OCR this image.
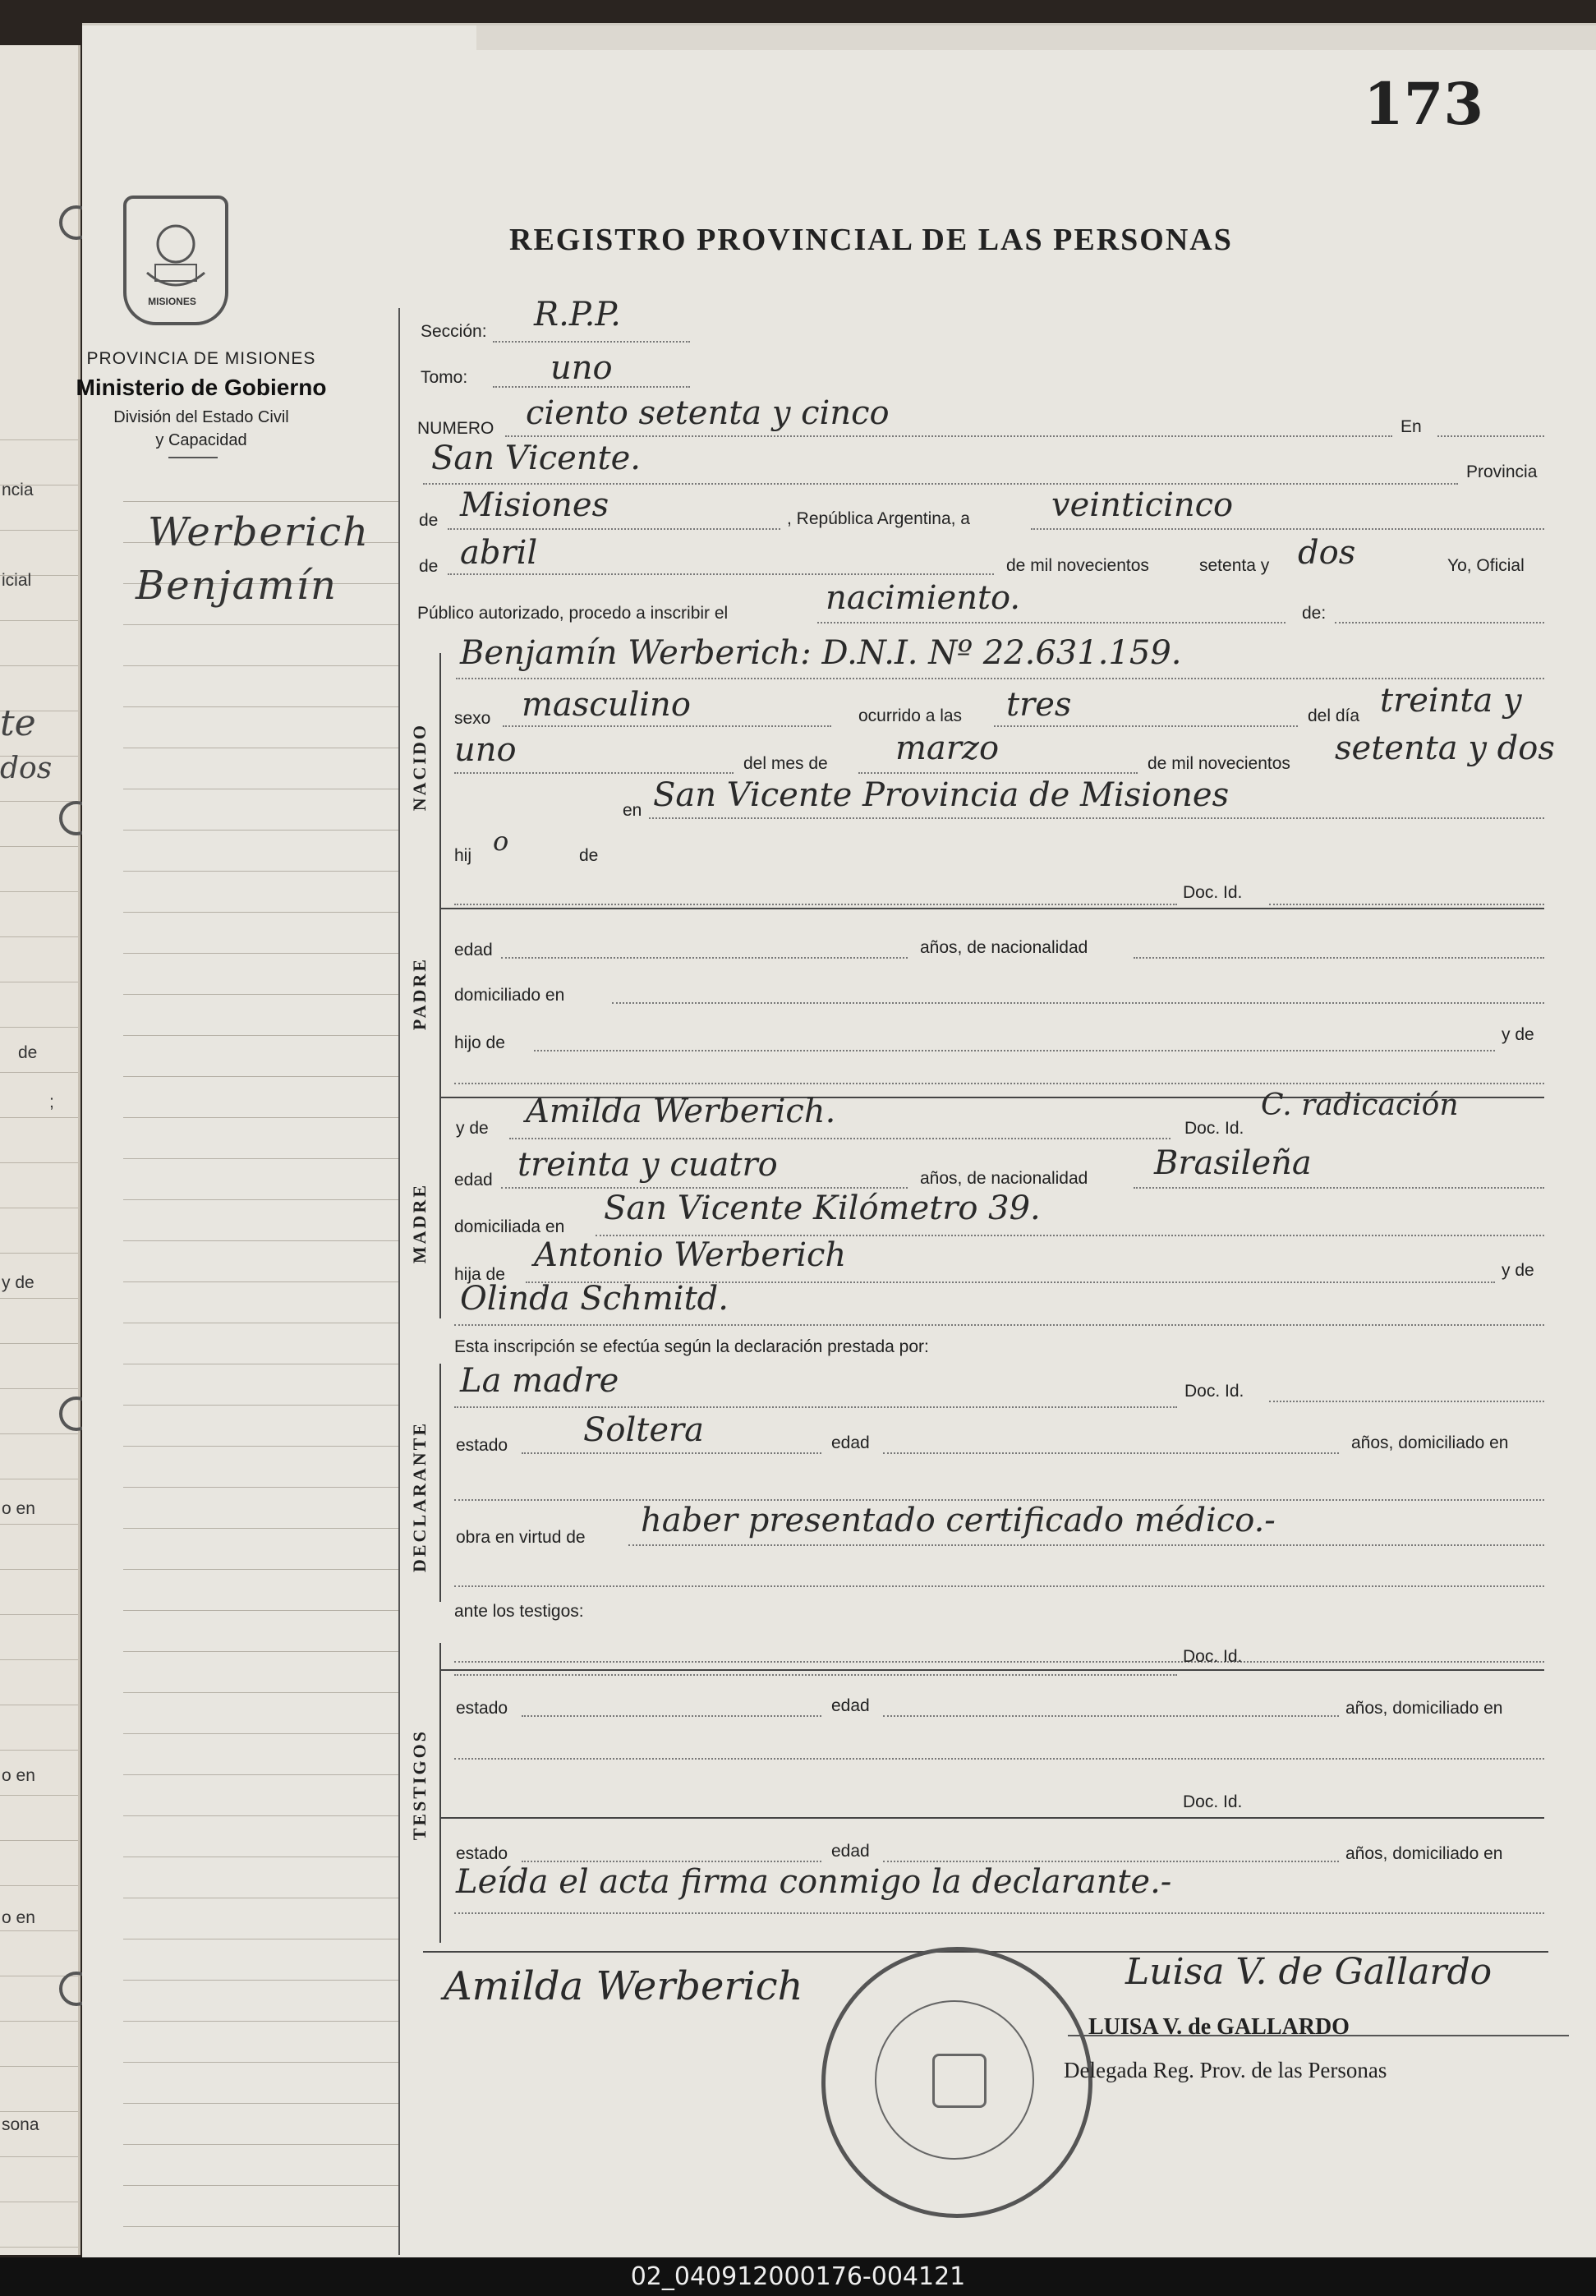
ncia
icial
te
dos
de
;
y de
o en
o en
o en
sona
173
REGISTRO PROVINCIAL DE LAS PERSONAS
MISIONES
PROVINCIA DE MISIONES
Ministerio de Gobierno
División del Estado Civil
y Capacidad
Werberich
Benjamín
Sección: R.P.P.
Tomo:	uno
NUMERO ciento setenta y cinco	En
San Vicente.	Provincia
de Misiones	, República Argentina, a veinticinco
de abril	de mil novecientos	setenta y dos	Yo, Oficial
Público autorizado, procedo a inscribir el	nacimiento.	de:
NACIDO
Benjamín Werberich: D.N.I. Nº 22.631.159.
sexo masculino	ocurrido a las tres	del día treinta y
uno	del mes de marzo	de mil novecientos setenta y dos
en San Vicente Provincia de Misiones
hij o	de
Doc. Id.
PADRE
edad	años, de nacionalidad
domiciliado en
hijo de	y de
MADRE
y de Amilda Werberich.	Doc. Id.
C. radicación
edad treinta y cuatro	años, de nacionalidad Brasileña
domiciliada en San Vicente Kilómetro 39.
hija de
Antonio Werberich	y de
Olinda Schmitd.
Esta inscripción se efectúa según la declaración prestada por:
DECLARANTE
La madre	Doc. Id.
estado Soltera	edad	años, domiciliado en
obra en virtud de haber presentado certificado médico.-
ante los testigos:
TESTIGOS
Doc. Id.
estado	edad	años, domiciliado en
Doc. Id.
estado	edad	años, domiciliado en
Leída el acta firma conmigo la declarante.-
Amilda Werberich	Luisa V. de Gallardo
LUISA V. de GALLARDO
Delegada Reg. Prov. de las Personas
02_040912000176-004121
